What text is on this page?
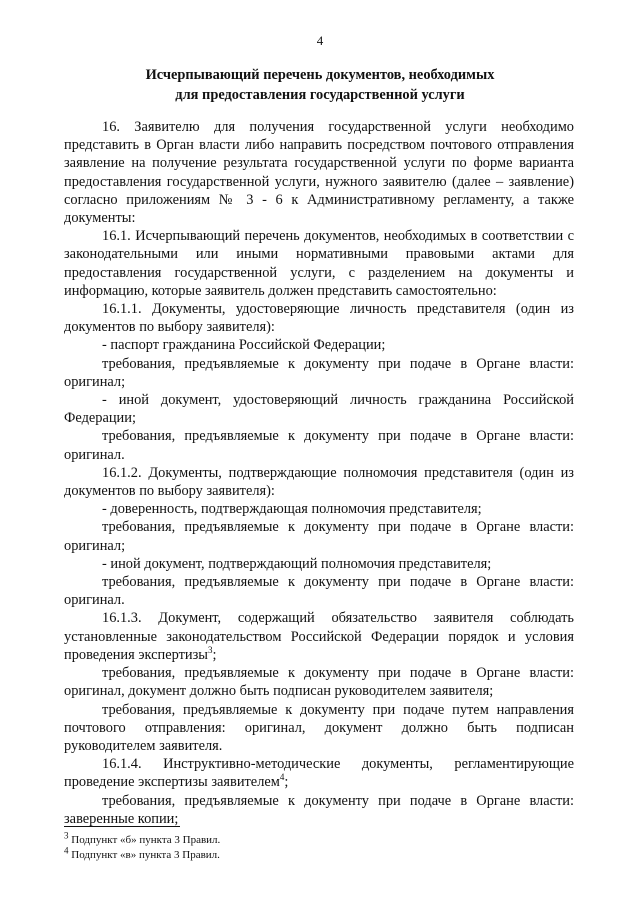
4
Исчерпывающий перечень документов, необходимых
для предоставления государственной услуги

16. Заявителю для получения государственной услуги необходимо представить в Орган власти либо направить посредством почтового отправления заявление на получение результата государственной услуги по форме варианта предоставления государственной услуги, нужного заявителю (далее – заявление) согласно приложениям № 3 - 6 к Административному регламенту, а также документы:

16.1. Исчерпывающий перечень документов, необходимых в соответствии с законодательными или иными нормативными правовыми актами для предоставления государственной услуги, с разделением на документы и информацию, которые заявитель должен представить самостоятельно:

16.1.1. Документы, удостоверяющие личность представителя (один из документов по выбору заявителя):

- паспорт гражданина Российской Федерации;

требования, предъявляемые к документу при подаче в Органе власти: оригинал;

- иной документ, удостоверяющий личность гражданина Российской Федерации;

требования, предъявляемые к документу при подаче в Органе власти: оригинал.

16.1.2. Документы, подтверждающие полномочия представителя (один из документов по выбору заявителя):

- доверенность, подтверждающая полномочия представителя;

требования, предъявляемые к документу при подаче в Органе власти: оригинал;

- иной документ, подтверждающий полномочия представителя;

требования, предъявляемые к документу при подаче в Органе власти: оригинал.

16.1.3. Документ, содержащий обязательство заявителя соблюдать установленные законодательством Российской Федерации порядок и условия проведения экспертизы$^3$;

требования, предъявляемые к документу при подаче в Органе власти: оригинал, документ должно быть подписан руководителем заявителя;

требования, предъявляемые к документу при подаче путем направления почтового отправления: оригинал, документ должно быть подписан руководителем заявителя.

16.1.4. Инструктивно-методические документы, регламентирующие проведение экспертизы заявителем$^4$;

требования, предъявляемые к документу при подаче в Органе власти: заверенные копии;

$^3$ Подпункт «б» пункта 3 Правил.
$^4$ Подпункт «в» пункта 3 Правил.
